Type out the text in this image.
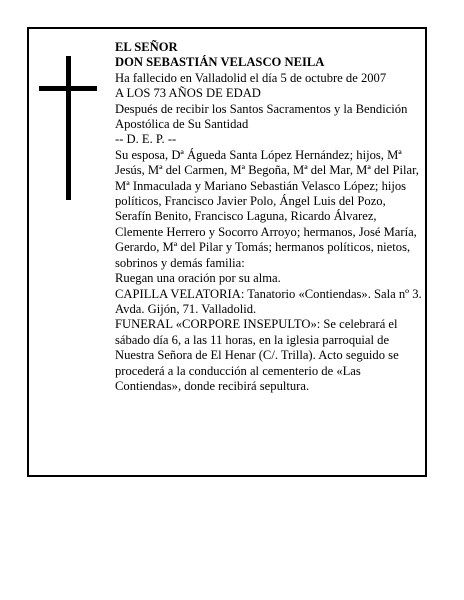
EL SEÑOR

DON SEBASTIÁN VELASCO NEILA

Ha fallecido en Valladolid el día 5 de octubre de 2007

A LOS 73 AÑOS DE EDAD

Después de recibir los Santos Sacramentos y la Bendición Apostólica de Su Santidad

-- D. E. P. --

Su esposa, Dª Águeda Santa López Hernández; hijos, Mª Jesús, Mª del Carmen, Mª Begoña, Mª del Mar, Mª del Pilar, Mª Inmaculada y Mariano Sebastián Velasco López; hijos políticos, Francisco Javier Polo, Ángel Luis del Pozo, Serafín Benito, Francisco Laguna, Ricardo Álvarez, Clemente Herrero y Socorro Arroyo; hermanos, José María, Gerardo, Mª del Pilar y Tomás; hermanos políticos, nietos, sobrinos y demás familia:

Ruegan una oración por su alma.

CAPILLA VELATORIA: Tanatorio «Contiendas». Sala nº 3. Avda. Gijón, 71. Valladolid.

FUNERAL «CORPORE INSEPULTO»: Se celebrará el sábado día 6, a las 11 horas, en la iglesia parroquial de Nuestra Señora de El Henar (C/. Trilla). Acto seguido se procederá a la conducción al cementerio de «Las Contiendas», donde recibirá sepultura.
